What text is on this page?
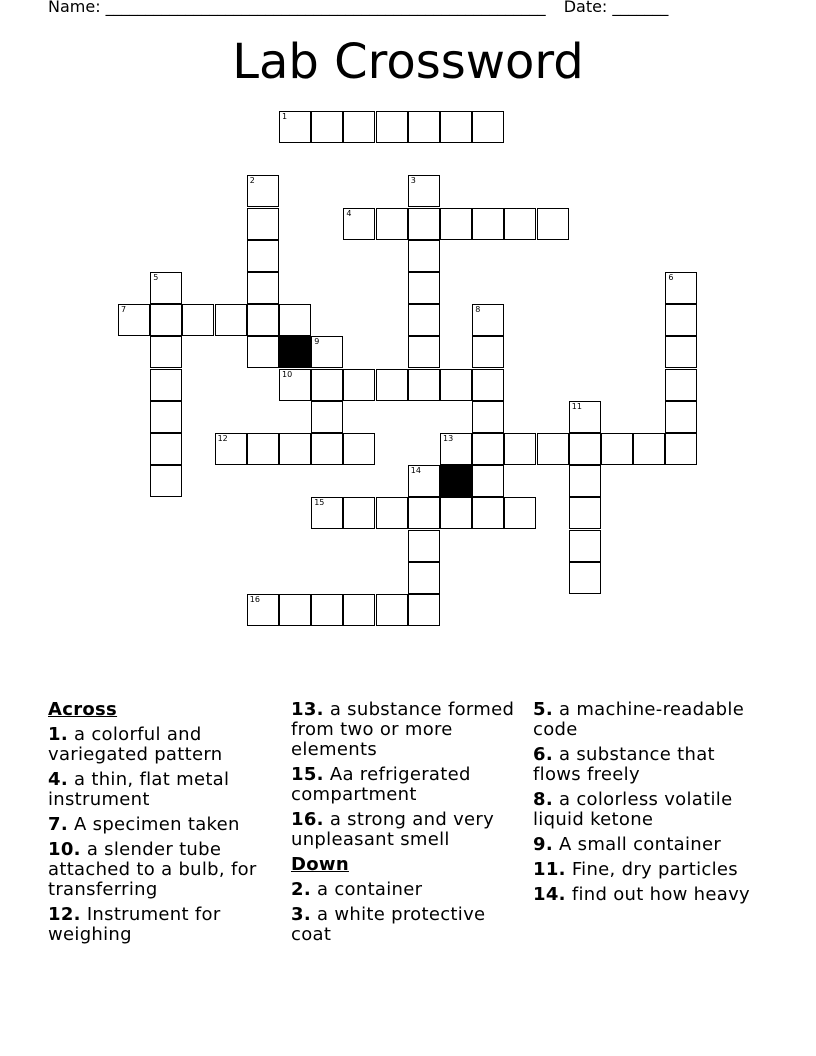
Name: _______________________________________________________ Date: _______
Lab Crossword
1
2	3
4
5	6
7	8
9
10
11
12	13
14
15
16
Across
1. a colorful and variegated pattern
4. a thin, flat metal instrument
7. A specimen taken
10. a slender tube attached to a bulb, for transferring
12. Instrument for weighing
13. a substance formed from two or more elements
15. Aa refrigerated compartment
16. a strong and very unpleasant smell
Down
2. a container
3. a white protective coat
5. a machine-readable code
6. a substance that flows freely
8. a colorless volatile liquid ketone
9. A small container
11. Fine, dry particles
14. find out how heavy
